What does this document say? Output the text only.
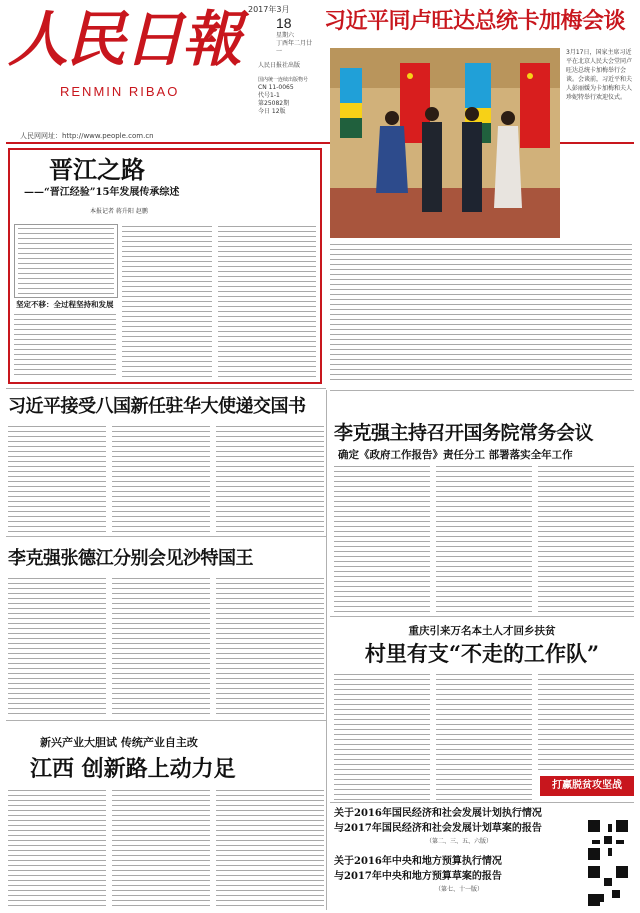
人民日報
RENMIN RIBAO
人民网网址：http://www.people.com.cn
2017年3月
18
星期六
丁酉年二月廿一
人民日报社出版
国内统一连续出版物号
CN 11-0065
代号1-1
第25082期
今日 12版
习近平同卢旺达总统卡加梅会谈
3月17日，国家主席习近平在北京人民大会堂同卢旺达总统卡加梅举行会谈。会谈前，习近平和夫人彭丽媛为卡加梅和夫人珍妮特举行欢迎仪式。
晋江之路
——“晋江经验”15年发展传承综述
本报记者 蒋升阳 赵鹏
坚定不移：全过程坚持和发展
习近平接受八国新任驻华大使递交国书
李克强主持召开国务院常务会议
确定《政府工作报告》责任分工 部署落实全年工作
李克强张德江分别会见沙特国王
重庆引来万名本土人才回乡扶贫
村里有支“不走的工作队”
打赢脱贫攻坚战
新兴产业大胆试 传统产业自主改
江西 创新路上动力足
关于2016年国民经济和社会发展计划执行情况
与2017年国民经济和社会发展计划草案的报告
（第二、三、五、六版）
关于2016年中央和地方预算执行情况
与2017年中央和地方预算草案的报告
（第七、十一版）
